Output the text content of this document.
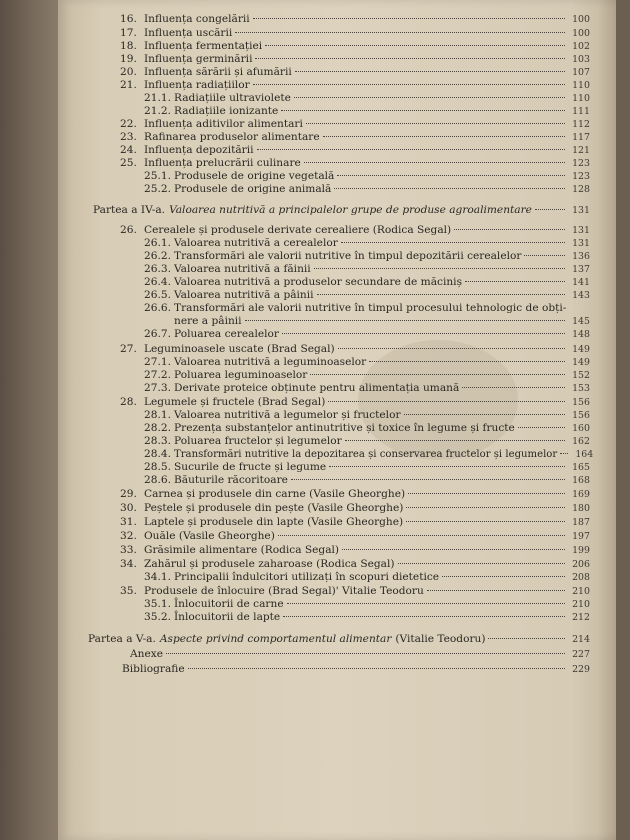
16. Influența congelării	100
17. Influența uscării	100
18. Influența fermentației	102
19. Influența germinării	103
20. Influența sărării și afumării	107
21. Influența radiațiilor	110
21.1. Radiațiile ultraviolete	110
21.2. Radiațiile ionizante	111
22. Influența aditivilor alimentari	112
23. Rafinarea produselor alimentare	117
24. Influența depozitării	121
25. Influența prelucrării culinare	123
25.1. Produsele de origine vegetală	123
25.2. Produsele de origine animală	128
Partea a IV-a. Valoarea nutritivă a principalelor grupe de produse agroalimentare	131
26. Cerealele și produsele derivate cerealiere (Rodica Segal)	131
26.1. Valoarea nutritivă a cerealelor	131
26.2. Transformări ale valorii nutritive în timpul depozitării cerealelor	136
26.3. Valoarea nutritivă a făinii	137
26.4. Valoarea nutritivă a produselor secundare de măciniș	141
26.5. Valoarea nutritivă a pâinii	143
26.6. Transformări ale valorii nutritive în timpul procesului tehnologic de obți-
nere a pâinii	145
26.7. Poluarea cerealelor	148
27. Leguminoasele uscate (Brad Segal)	149
27.1. Valoarea nutritivă a leguminoaselor	149
27.2. Poluarea leguminoaselor	152
27.3. Derivate proteice obținute pentru alimentația umană	153
28. Legumele și fructele (Brad Segal)	156
28.1. Valoarea nutritivă a legumelor și fructelor	156
28.2. Prezența substanțelor antinutritive și toxice în legume și fructe	160
28.3. Poluarea fructelor și legumelor	162
28.4. Transformări nutritive la depozitarea și conservarea fructelor și legumelor	164
28.5. Sucurile de fructe și legume	165
28.6. Băuturile răcoritoare	168
29. Carnea și produsele din carne (Vasile Gheorghe)	169
30. Peștele și produsele din pește (Vasile Gheorghe)	180
31. Laptele și produsele din lapte (Vasile Gheorghe)	187
32. Ouăle (Vasile Gheorghe)	197
33. Grăsimile alimentare (Rodica Segal)	199
34. Zahărul și produsele zaharoase (Rodica Segal)	206
34.1. Principalii îndulcitori utilizați în scopuri dietetice	208
35. Produsele de înlocuire (Brad Segal)' Vitalie Teodoru	210
35.1. Înlocuitorii de carne	210
35.2. Înlocuitorii de lapte	212
Partea a V-a. Aspecte privind comportamentul alimentar (Vitalie Teodoru)	214
Anexe	227
Bibliografie	229
